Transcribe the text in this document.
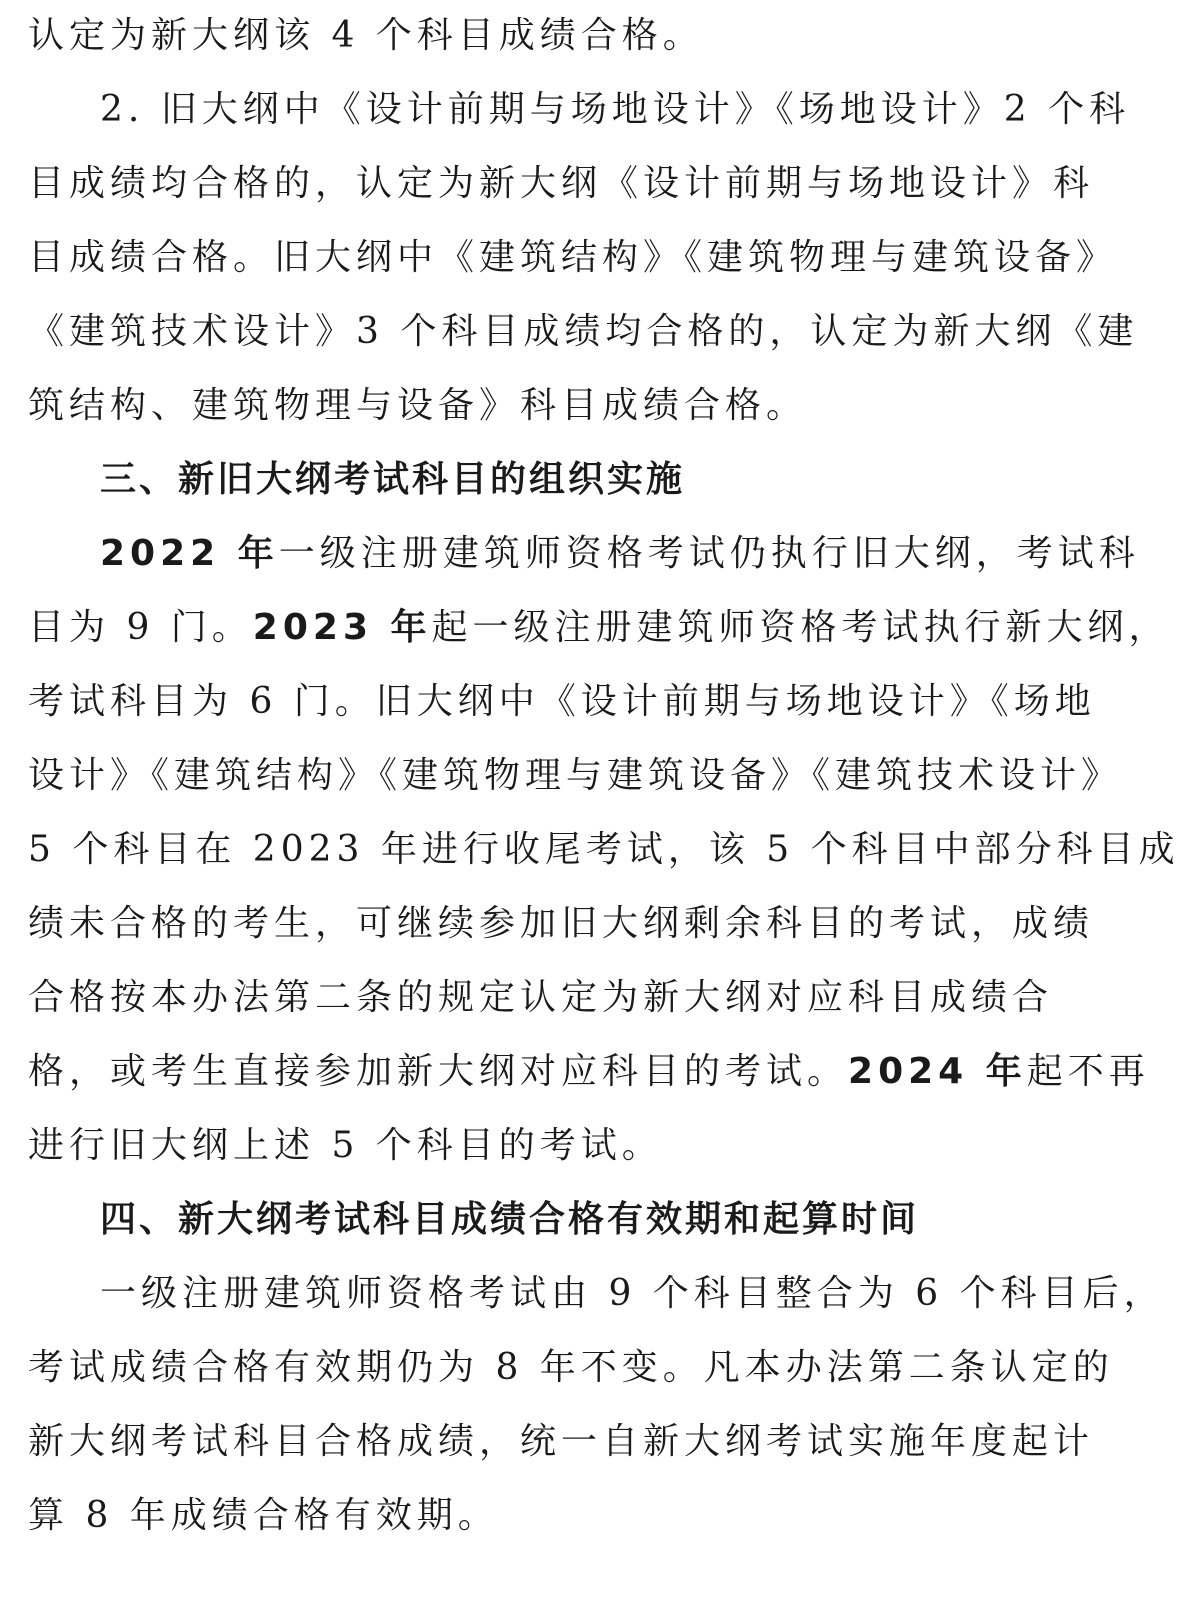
认定为新大纲该 4 个科目成绩合格。
2. 旧大纲中《设计前期与场地设计》《场地设计》2 个科
目成绩均合格的，认定为新大纲《设计前期与场地设计》科
目成绩合格。旧大纲中《建筑结构》《建筑物理与建筑设备》
《建筑技术设计》3 个科目成绩均合格的，认定为新大纲《建
筑结构、建筑物理与设备》科目成绩合格。
三、新旧大纲考试科目的组织实施
2022 年一级注册建筑师资格考试仍执行旧大纲，考试科
目为 9 门。2023 年起一级注册建筑师资格考试执行新大纲，
考试科目为 6 门。旧大纲中《设计前期与场地设计》《场地
设计》《建筑结构》《建筑物理与建筑设备》《建筑技术设计》
5 个科目在 2023 年进行收尾考试，该 5 个科目中部分科目成
绩未合格的考生，可继续参加旧大纲剩余科目的考试，成绩
合格按本办法第二条的规定认定为新大纲对应科目成绩合
格，或考生直接参加新大纲对应科目的考试。2024 年起不再
进行旧大纲上述 5 个科目的考试。
四、新大纲考试科目成绩合格有效期和起算时间
一级注册建筑师资格考试由 9 个科目整合为 6 个科目后，
考试成绩合格有效期仍为 8 年不变。凡本办法第二条认定的
新大纲考试科目合格成绩，统一自新大纲考试实施年度起计
算 8 年成绩合格有效期。
